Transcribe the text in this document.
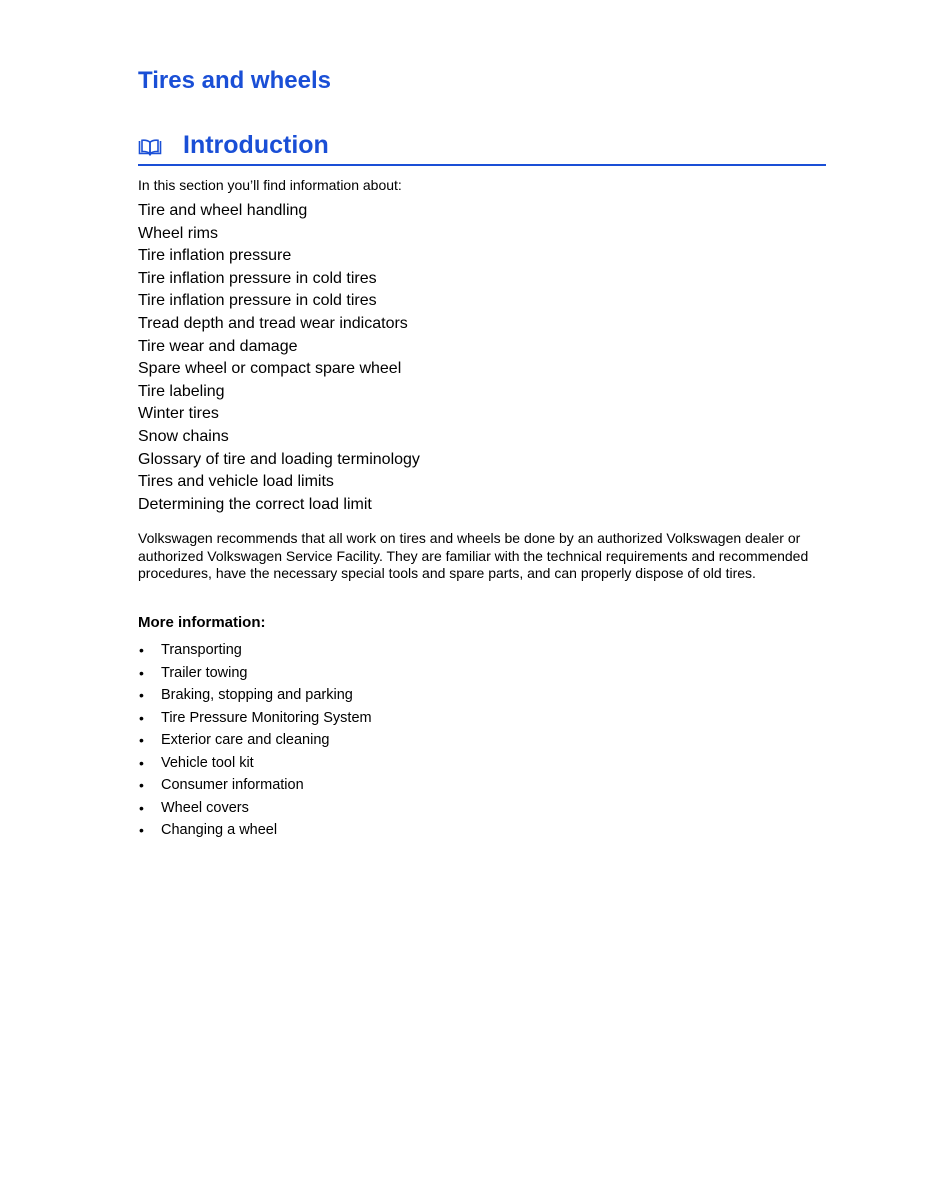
Tires and wheels
Introduction
In this section you’ll find information about:
Tire and wheel handling
Wheel rims
Tire inflation pressure
Tire inflation pressure in cold tires
Tire inflation pressure in cold tires
Tread depth and tread wear indicators
Tire wear and damage
Spare wheel or compact spare wheel
Tire labeling
Winter tires
Snow chains
Glossary of tire and loading terminology
Tires and vehicle load limits
Determining the correct load limit

Volkswagen recommends that all work on tires and wheels be done by an authorized Volkswagen dealer or authorized Volkswagen Service Facility. They are familiar with the technical requirements and recommended procedures, have the necessary special tools and spare parts, and can properly dispose of old tires.

More information:
• Transporting
• Trailer towing
• Braking, stopping and parking
• Tire Pressure Monitoring System
• Exterior care and cleaning
• Vehicle tool kit
• Consumer information
• Wheel covers
• Changing a wheel
